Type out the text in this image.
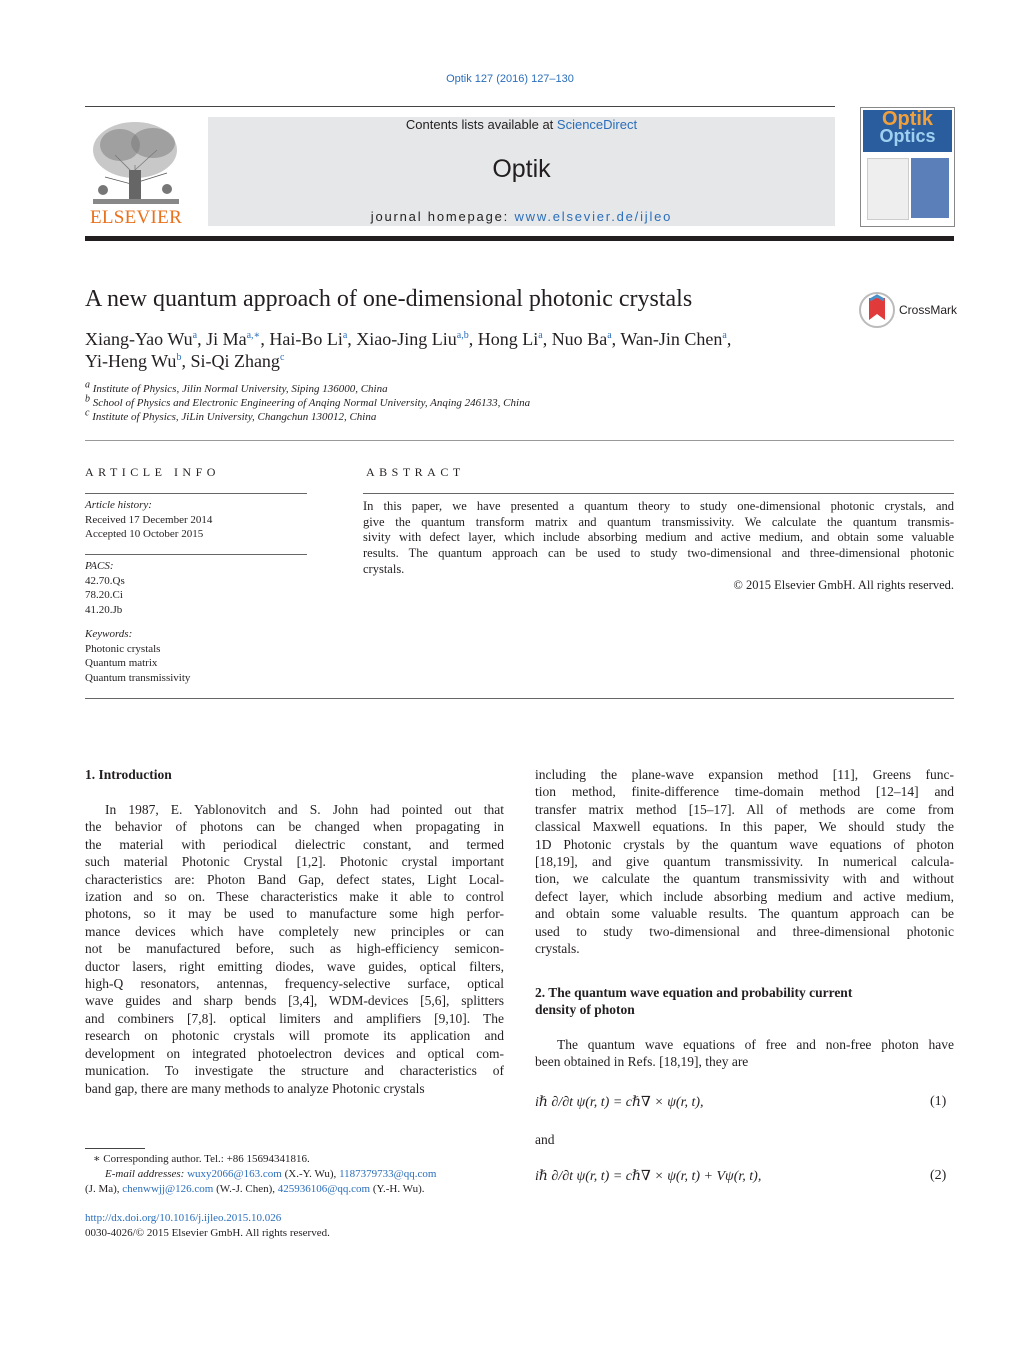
Optik 127 (2016) 127–130
ELSEVIER
Contents lists available at ScienceDirect
Optik
journal homepage: www.elsevier.de/ijleo
Optik
Optics
A new quantum approach of one-dimensional photonic crystals	CrossMark
Xiang-Yao Wu$^a$, Ji $Ma^{a,∗}$, Hai-Bo Li$^a$, Xiao-Jing Liu$^{a,b}$, Hong Li$^a$, Nuo Ba$^a$, Wan-Jin Chen$^a$,
Yi-Heng Wu$^b$, Si-Qi Zhang$^c$
$^a$ Institute of Physics, Jilin Normal University, Siping 136000, China
$^b$ School of Physics and Electronic Engineering of Anqing Normal University, Anqing 246133, China
$^c$ Institute of Physics, JiLin University, Changchun 130012, China
ARTICLE INFO
Article history:
Received 17 December 2014
Accepted 10 October 2015
PACS:
42.70.Qs
78.20.Ci
41.20.Jb
Keywords:
Photonic crystals
Quantum matrix
Quantum transmissivity
ABSTRACT
In this paper, we have presented a quantum theory to study one-dimensional photonic crystals, and
give the quantum transform matrix and quantum transmissivity. We calculate the quantum transmis-
sivity with defect layer, which include absorbing medium and active medium, and obtain some valuable
results. The quantum approach can be used to study two-dimensional and three-dimensional photonic
crystals.
© 2015 Elsevier GmbH. All rights reserved.
1. Introduction
In 1987, E. Yablonovitch and S. John had pointed out that
the behavior of photons can be changed when propagating in
the material with periodical dielectric constant, and termed
such material Photonic Crystal [1,2]. Photonic crystal important
characteristics are: Photon Band Gap, defect states, Light Local-
ization and so on. These characteristics make it able to control
photons, so it may be used to manufacture some high perfor-
mance devices which have completely new principles or can
not be manufactured before, such as high-efficiency semicon-
ductor lasers, right emitting diodes, wave guides, optical filters,
high-Q resonators, antennas, frequency-selective surface, optical
wave guides and sharp bends [3,4], WDM-devices [5,6], splitters
and combiners [7,8]. optical limiters and amplifiers [9,10]. The
research on photonic crystals will promote its application and
development on integrated photoelectron devices and optical com-
munication. To investigate the structure and characteristics of
band gap, there are many methods to analyze Photonic crystals
including the plane-wave expansion method [11], Greens func-
tion method, finite-difference time-domain method [12–14] and
transfer matrix method [15–17]. All of methods are come from
classical Maxwell equations. In this paper, We should study the
1D Photonic crystals by the quantum wave equations of photon
[18,19], and give quantum transmissivity. In numerical calcula-
tion, we calculate the quantum transmissivity with and without
defect layer, which include absorbing medium and active medium,
and obtain some valuable results. The quantum approach can be
used to study two-dimensional and three-dimensional photonic
crystals.
2. The quantum wave equation and probability current
density of photon
The quantum wave equations of free and non-free photon have
been obtained in Refs. [18,19], they are
iℏ ∂/∂t ψ(r, t) = cℏ∇ × ψ(r, t),	(1)
and
iℏ ∂/∂t ψ(r, t) = cℏ∇ × ψ(r, t) + Vψ(r, t),	(2)
∗ Corresponding author. Tel.: +86 15694341816.
E-mail addresses: wuxy2066@163.com (X.-Y. Wu), 1187379733@qq.com
(J. Ma), chenwwjj@126.com (W.-J. Chen), 425936106@qq.com (Y.-H. Wu).
http://dx.doi.org/10.1016/j.ijleo.2015.10.026
0030-4026/© 2015 Elsevier GmbH. All rights reserved.
